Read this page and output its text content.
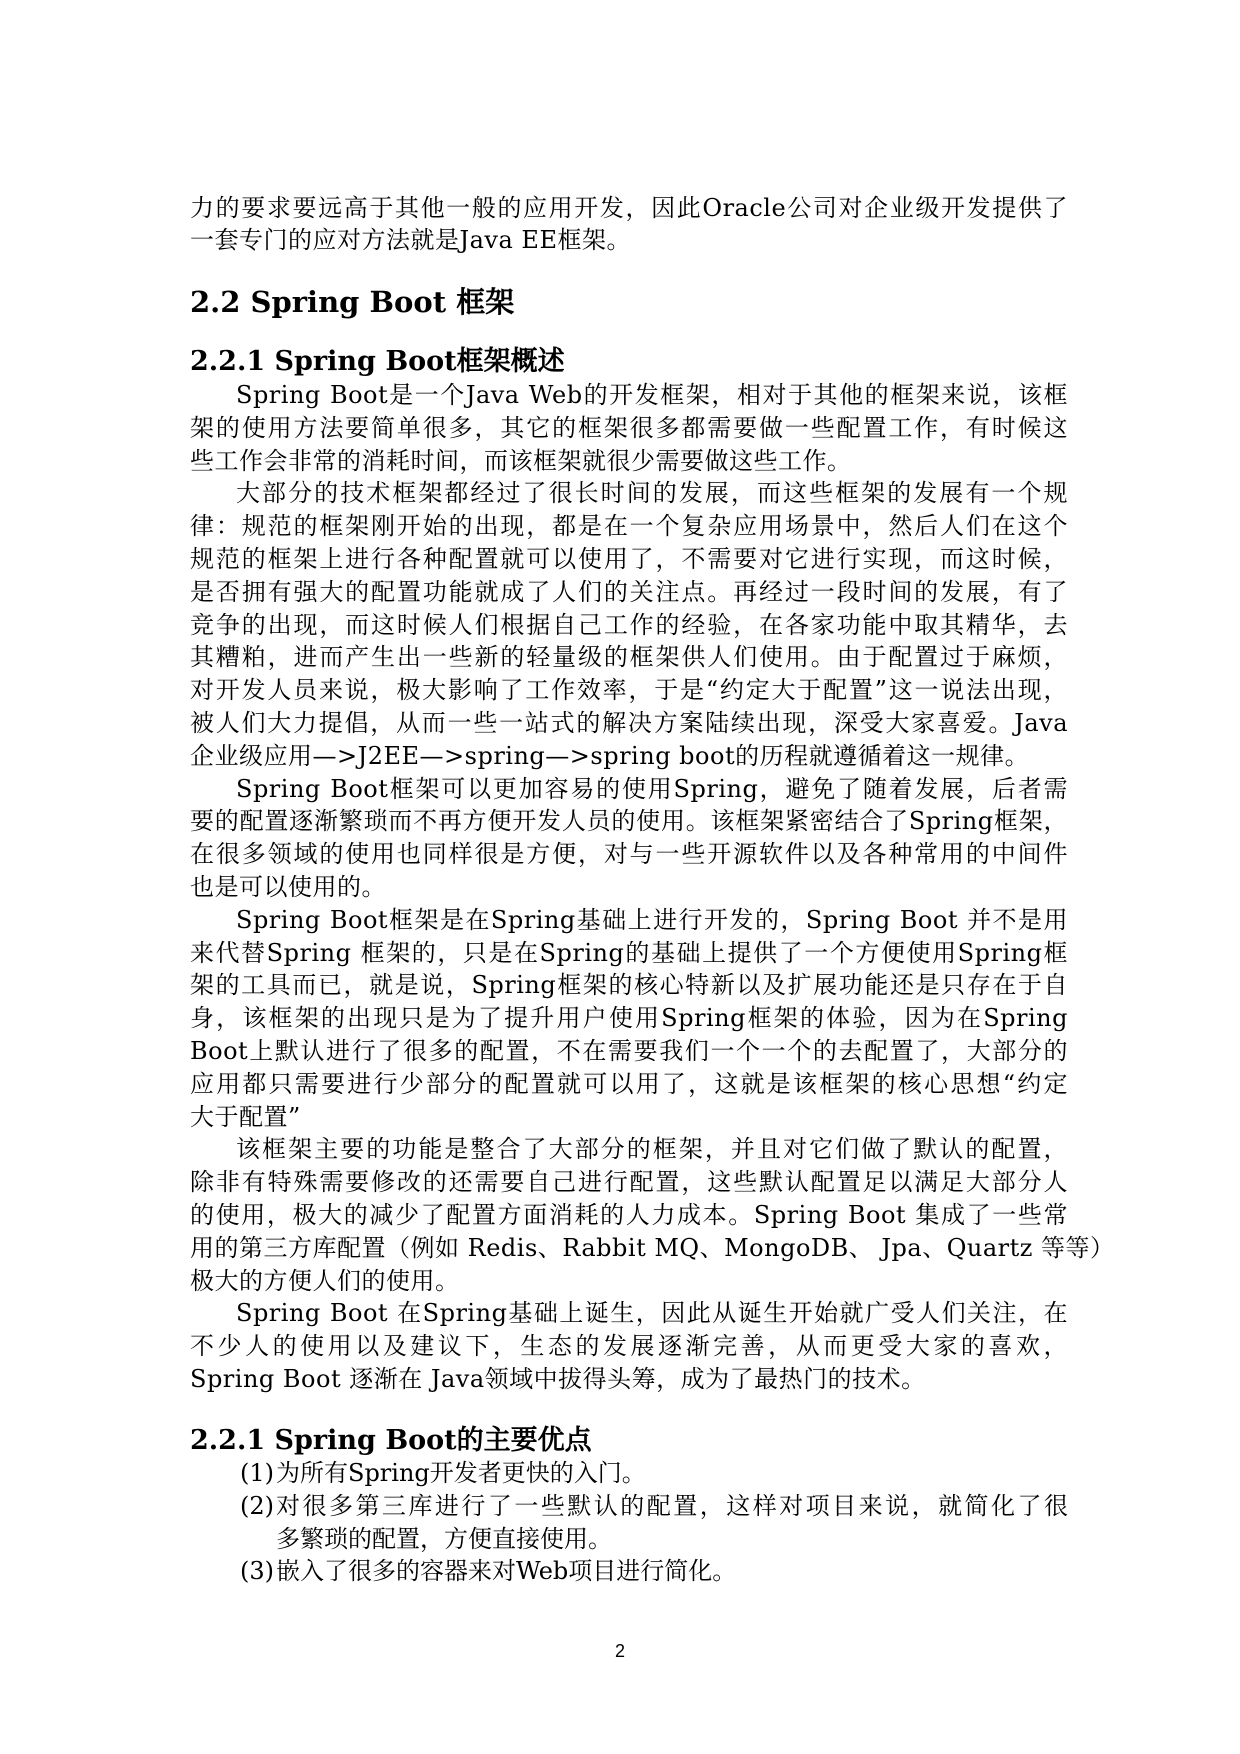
力的要求要远高于其他一般的应用开发，因此Oracle公司对企业级开发提供了
一套专门的应对方法就是Java EE框架。
2.2 Spring Boot 框架
2.2.1 Spring Boot框架概述
Spring Boot是一个Java Web的开发框架，相对于其他的框架来说，该框
架的使用方法要简单很多，其它的框架很多都需要做一些配置工作，有时候这
些工作会非常的消耗时间，而该框架就很少需要做这些工作。
大部分的技术框架都经过了很长时间的发展，而这些框架的发展有一个规
律：规范的框架刚开始的出现，都是在一个复杂应用场景中，然后人们在这个
规范的框架上进行各种配置就可以使用了，不需要对它进行实现，而这时候，
是否拥有强大的配置功能就成了人们的关注点。再经过一段时间的发展，有了
竞争的出现，而这时候人们根据自己工作的经验，在各家功能中取其精华，去
其糟粕，进而产生出一些新的轻量级的框架供人们使用。由于配置过于麻烦，
对开发人员来说，极大影响了工作效率，于是“约定大于配置”这一说法出现，
被人们大力提倡，从而一些一站式的解决方案陆续出现，深受大家喜爱。Java
企业级应用—>J2EE—>spring—>spring boot的历程就遵循着这一规律。
Spring Boot框架可以更加容易的使用Spring，避免了随着发展，后者需
要的配置逐渐繁琐而不再方便开发人员的使用。该框架紧密结合了Spring框架，
在很多领域的使用也同样很是方便，对与一些开源软件以及各种常用的中间件
也是可以使用的。
Spring Boot框架是在Spring基础上进行开发的，Spring Boot 并不是用
来代替Spring 框架的，只是在Spring的基础上提供了一个方便使用Spring框
架的工具而已，就是说，Spring框架的核心特新以及扩展功能还是只存在于自
身，该框架的出现只是为了提升用户使用Spring框架的体验，因为在Spring
Boot上默认进行了很多的配置，不在需要我们一个一个的去配置了，大部分的
应用都只需要进行少部分的配置就可以用了，这就是该框架的核心思想“约定
大于配置”
该框架主要的功能是整合了大部分的框架，并且对它们做了默认的配置，
除非有特殊需要修改的还需要自己进行配置，这些默认配置足以满足大部分人
的使用，极大的减少了配置方面消耗的人力成本。Spring Boot 集成了一些常
用的第三方库配置（例如 Redis、Rabbit MQ、MongoDB、 Jpa、Quartz 等等）
极大的方便人们的使用。
Spring Boot 在Spring基础上诞生，因此从诞生开始就广受人们关注，在
不少人的使用以及建议下，生态的发展逐渐完善，从而更受大家的喜欢，
Spring Boot 逐渐在 Java领域中拔得头筹，成为了最热门的技术。
2.2.1 Spring Boot的主要优点
(1) 为所有Spring开发者更快的入门。
(2) 对很多第三库进行了一些默认的配置，这样对项目来说，就简化了很
多繁琐的配置，方便直接使用。
(3) 嵌入了很多的容器来对Web项目进行简化。
2
